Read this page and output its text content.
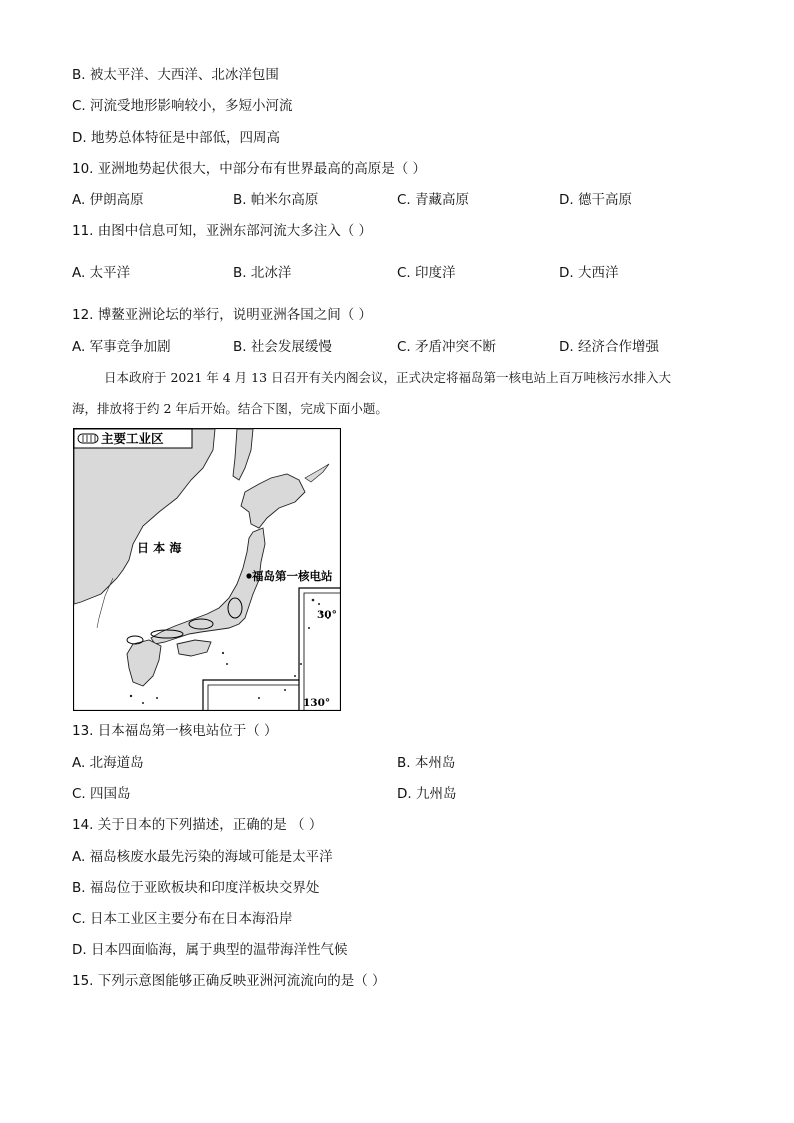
B. 被太平洋、大西洋、北冰洋包围
C. 河流受地形影响较小，多短小河流
D. 地势总体特征是中部低，四周高
10. 亚洲地势起伏很大，中部分布有世界最高的高原是（ ）
A. 伊朗高原	B. 帕米尔高原	C. 青藏高原	D. 德干高原
11. 由图中信息可知，亚洲东部河流大多注入（ ）
A. 太平洋	B. 北冰洋	C. 印度洋	D. 大西洋
12. 博鳌亚洲论坛的举行，说明亚洲各国之间（ ）
A. 军事竞争加剧	B. 社会发展缓慢	C. 矛盾冲突不断	D. 经济合作增强
日本政府于 2021 年 4 月 13 日召开有关内阁会议，正式决定将福岛第一核电站上百万吨核污水排入大
海，排放将于约 2 年后开始。结合下图，完成下面小题。
主要工业区
日 本 海
福岛第一核电站
30°
130°
13. 日本福岛第一核电站位于（ ）
A. 北海道岛	B. 本州岛
C. 四国岛	D. 九州岛
14. 关于日本的下列描述，正确的是 （ ）
A. 福岛核废水最先污染的海域可能是太平洋
B. 福岛位于亚欧板块和印度洋板块交界处
C. 日本工业区主要分布在日本海沿岸
D. 日本四面临海，属于典型的温带海洋性气候
15. 下列示意图能够正确反映亚洲河流流向的是（ ）
